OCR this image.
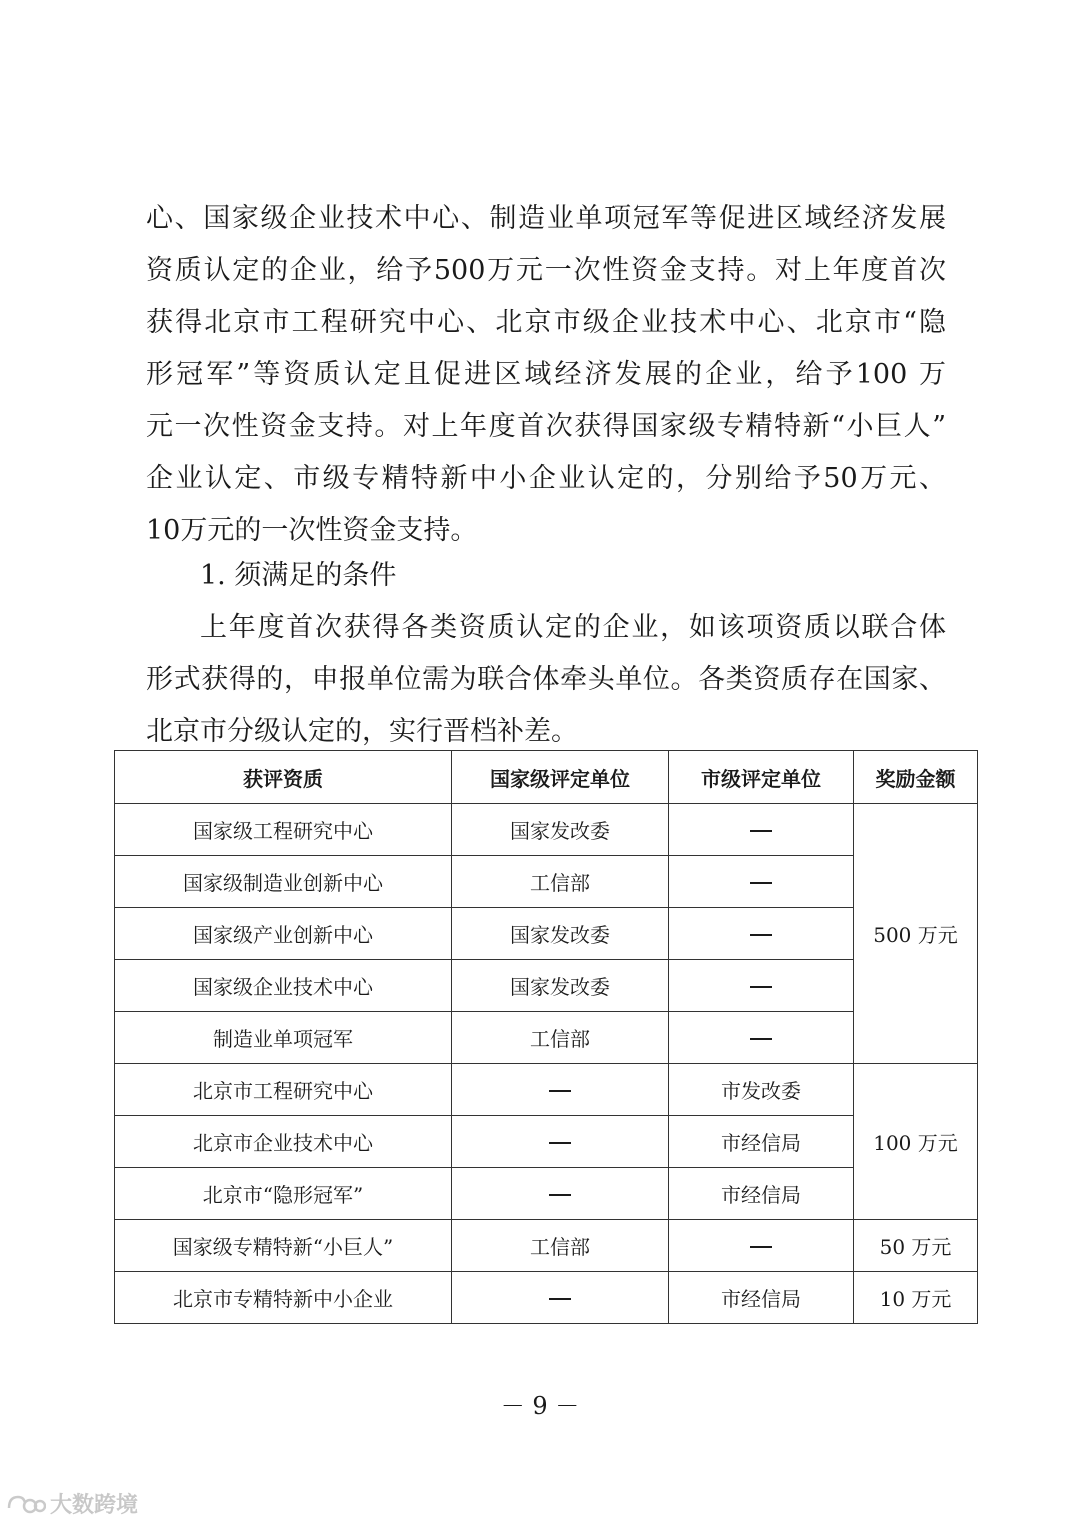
心、国家级企业技术中心、制造业单项冠军等促进区域经济发展
资质认定的企业，给予500万元一次性资金支持。对上年度首次
获得北京市工程研究中心、北京市级企业技术中心、北京市“隐
形冠军”等资质认定且促进区域经济发展的企业，给予100 万
元一次性资金支持。对上年度首次获得国家级专精特新“小巨人”
企业认定、市级专精特新中小企业认定的，分别给予50万元、
10万元的一次性资金支持。
1. 须满足的条件
上年度首次获得各类资质认定的企业，如该项资质以联合体
形式获得的，申报单位需为联合体牵头单位。各类资质存在国家、
北京市分级认定的，实行晋档补差。
获评资质	国家级评定单位	市级评定单位	奖励金额
国家级工程研究中心	国家发改委		500 万元
国家级制造业创新中心	工信部		
国家级产业创新中心	国家发改委		
国家级企业技术中心	国家发改委		
制造业单项冠军	工信部		
北京市工程研究中心		市发改委	100 万元
北京市企业技术中心		市经信局	
北京市“隐形冠军”		市经信局	
国家级专精特新“小巨人”	工信部		50 万元
北京市专精特新中小企业		市经信局	10 万元
－ 9 －
大数跨境
